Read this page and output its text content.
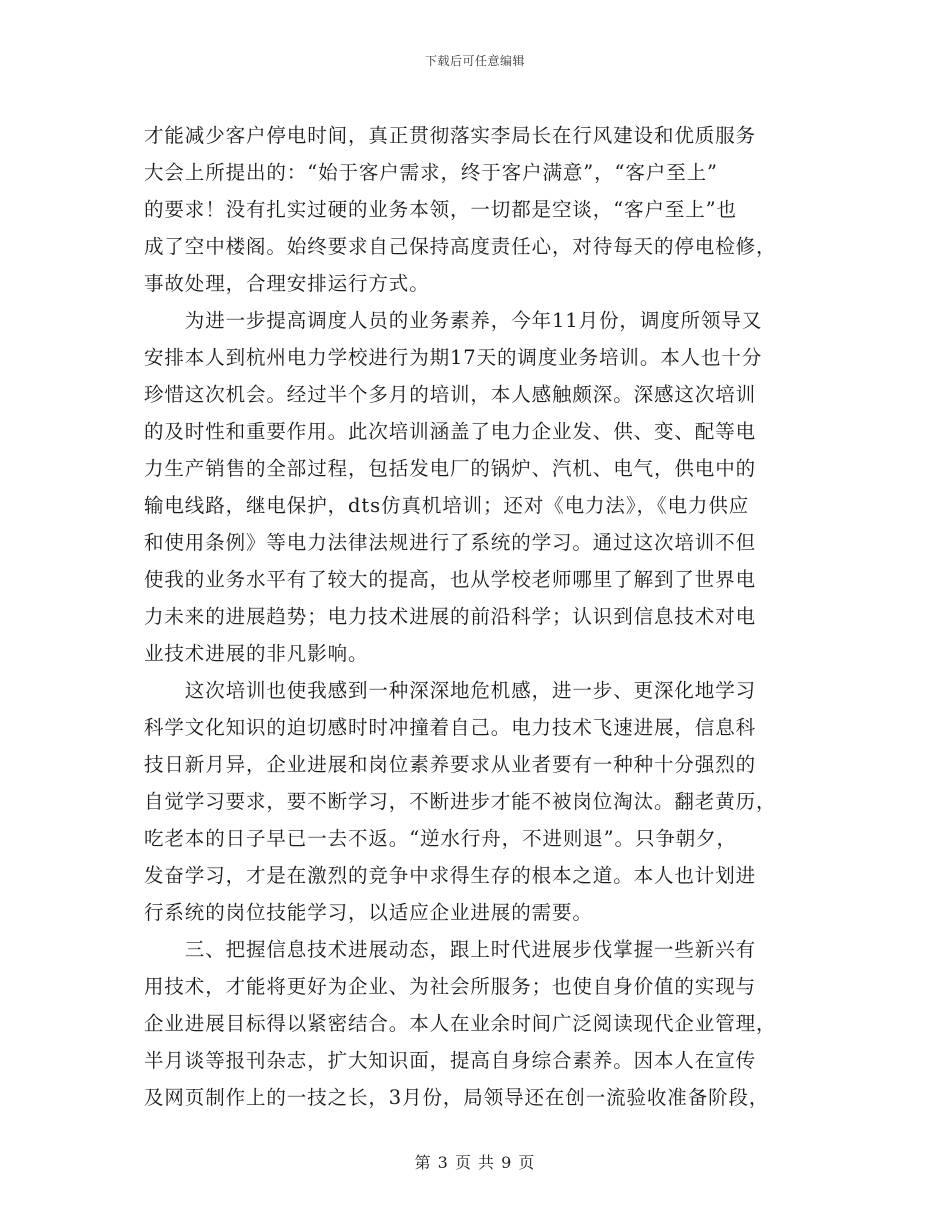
下载后可任意编辑
才能减少客户停电时间，真正贯彻落实李局长在行风建设和优质服务
大会上所提出的：“始于客户需求，终于客户满意”，“客户至上”
的要求！没有扎实过硬的业务本领，一切都是空谈，“客户至上”也
成了空中楼阁。始终要求自己保持高度责任心，对待每天的停电检修，
事故处理，合理安排运行方式。
　　为进一步提高调度人员的业务素养，今年11月份，调度所领导又
安排本人到杭州电力学校进行为期17天的调度业务培训。本人也十分
珍惜这次机会。经过半个多月的培训，本人感触颇深。深感这次培训
的及时性和重要作用。此次培训涵盖了电力企业发、供、变、配等电
力生产销售的全部过程，包括发电厂的锅炉、汽机、电气，供电中的
输电线路，继电保护，dts仿真机培训；还对《电力法》，《电力供应
和使用条例》等电力法律法规进行了系统的学习。通过这次培训不但
使我的业务水平有了较大的提高，也从学校老师哪里了解到了世界电
力未来的进展趋势；电力技术进展的前沿科学；认识到信息技术对电
业技术进展的非凡影响。
　　这次培训也使我感到一种深深地危机感，进一步、更深化地学习
科学文化知识的迫切感时时冲撞着自己。电力技术飞速进展，信息科
技日新月异，企业进展和岗位素养要求从业者要有一种种十分强烈的
自觉学习要求，要不断学习，不断进步才能不被岗位淘汰。翻老黄历，
吃老本的日子早已一去不返。“逆水行舟，不进则退”。只争朝夕，
发奋学习，才是在激烈的竞争中求得生存的根本之道。本人也计划进
行系统的岗位技能学习，以适应企业进展的需要。
　　三、把握信息技术进展动态，跟上时代进展步伐掌握一些新兴有
用技术，才能将更好为企业、为社会所服务；也使自身价值的实现与
企业进展目标得以紧密结合。本人在业余时间广泛阅读现代企业管理，
半月谈等报刊杂志，扩大知识面，提高自身综合素养。因本人在宣传
及网页制作上的一技之长，3月份，局领导还在创一流验收准备阶段，
第 3 页 共 9 页
